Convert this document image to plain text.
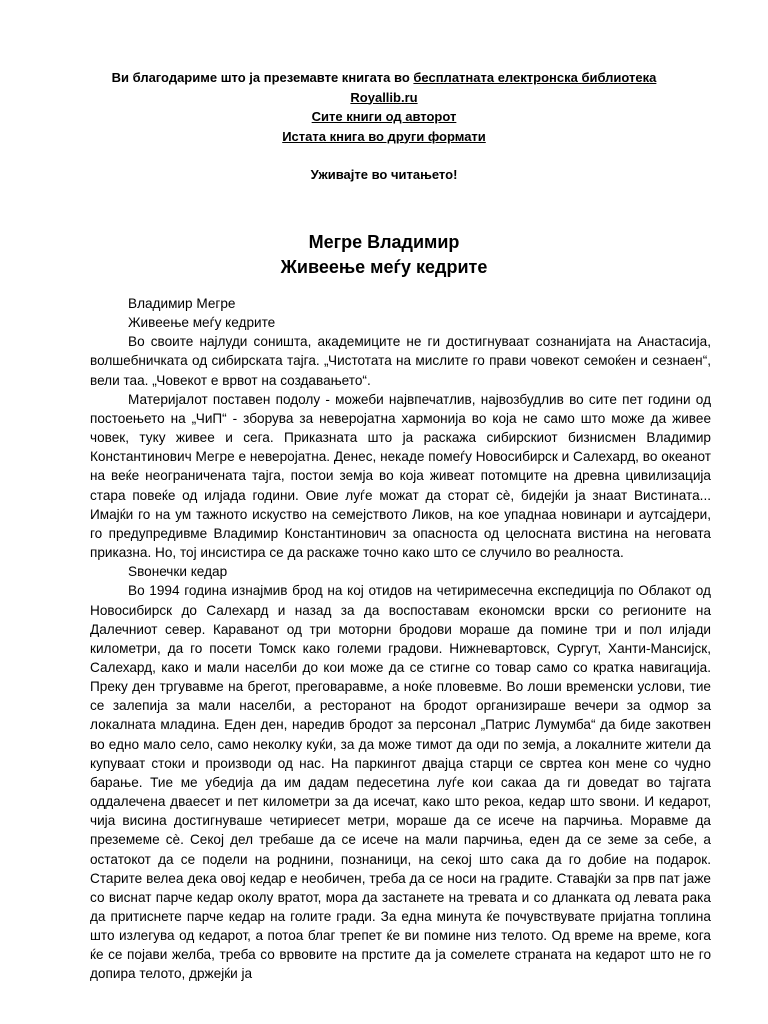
Ви благодариме што ја преземавте книгата во бесплатната електронска библиотека
Royallib.ru
Сите книги од авторот
Истата книга во други формати
Уживајте во читањето!
Мегре Владимир
Живеење меѓу кедрите

Владимир Мегре

Живеење меѓу кедрите

Во своите најлуди соништа, академиците не ги достигнуваат сознанијата на Анастасија, волшебничката од сибирската тајга. „Чистотата на мислите го прави човекот семоќен и сезнаен“, вели таа. „Човекот е врвот на создавањето“.

Материјалот поставен подолу - можеби највпечатлив, највозбудлив во сите пет години од постоењето на „ЧиП“ - зборува за неверојатна хармонија во која не само што може да живее човек, туку живее и сега. Приказната што ја раскажа сибирскиот бизнисмен Владимир Константинович Мегре е неверојатна. Денес, некаде помеѓу Новосибирск и Салехард, во океанот на веќе неограничената тајга, постои земја во која живеат потомците на древна цивилизација стара повеќе од илјада години. Овие луѓе можат да сторат сè, бидејќи ја знаат Вистината... Имајќи го на ум тажното искуство на семејството Ликов, на кое упаднаа новинари и аутсајдери, го предупредивме Владимир Константинович за опасноста од целосната вистина на неговата приказна. Но, тој инсистира се да раскаже точно како што се случило во реалноста.

Ѕвонечки кедар

Во 1994 година изнајмив брод на кој отидов на четиримесечна експедиција по Облакот од Новосибирск до Салехард и назад за да воспоставам економски врски со регионите на Далечниот север. Караванот од три моторни бродови мораше да помине три и пол илјади километри, да го посети Томск како големи градови. Нижневартовск, Сургут, Ханти-Мансијск, Салехард, како и мали населби до кои може да се стигне со товар само со кратка навигација. Преку ден тргувавме на брегот, преговаравме, а ноќе пловевме. Во лоши временски услови, тие се залепија за мали населби, а ресторанот на бродот организираше вечери за одмор за локалната младина. Еден ден, наредив бродот за персонал „Патрис Лумумба“ да биде закотвен во едно мало село, само неколку куќи, за да може тимот да оди по земја, а локалните жители да купуваат стоки и производи од нас. На паркингот двајца старци се свртеа кон мене со чудно барање. Тие ме убедија да им дадам педесетина луѓе кои сакаа да ги доведат во тајгата оддалечена дваесет и пет километри за да исечат, како што рекоа, кедар што ѕвони. И кедарот, чија висина достигнуваше четириесет метри, мораше да се исече на парчиња. Моравме да преземеме сè. Секој дел требаше да се исече на мали парчиња, еден да се земе за себе, а остатокот да се подели на роднини, познаници, на секој што сака да го добие на подарок. Старите велеа дека овој кедар е необичен, треба да се носи на градите. Ставајќи за прв пат јаже со виснат парче кедар околу вратот, мора да застанете на тревата и со дланката од левата рака да притиснете парче кедар на голите гради. За една минута ќе почувствувате пријатна топлина што излегува од кедарот, а потоа благ трепет ќе ви помине низ телото. Од време на време, кога ќе се појави желба, треба со врвовите на прстите да ја сомелете страната на кедарот што не го допира телото, држејќи ја
